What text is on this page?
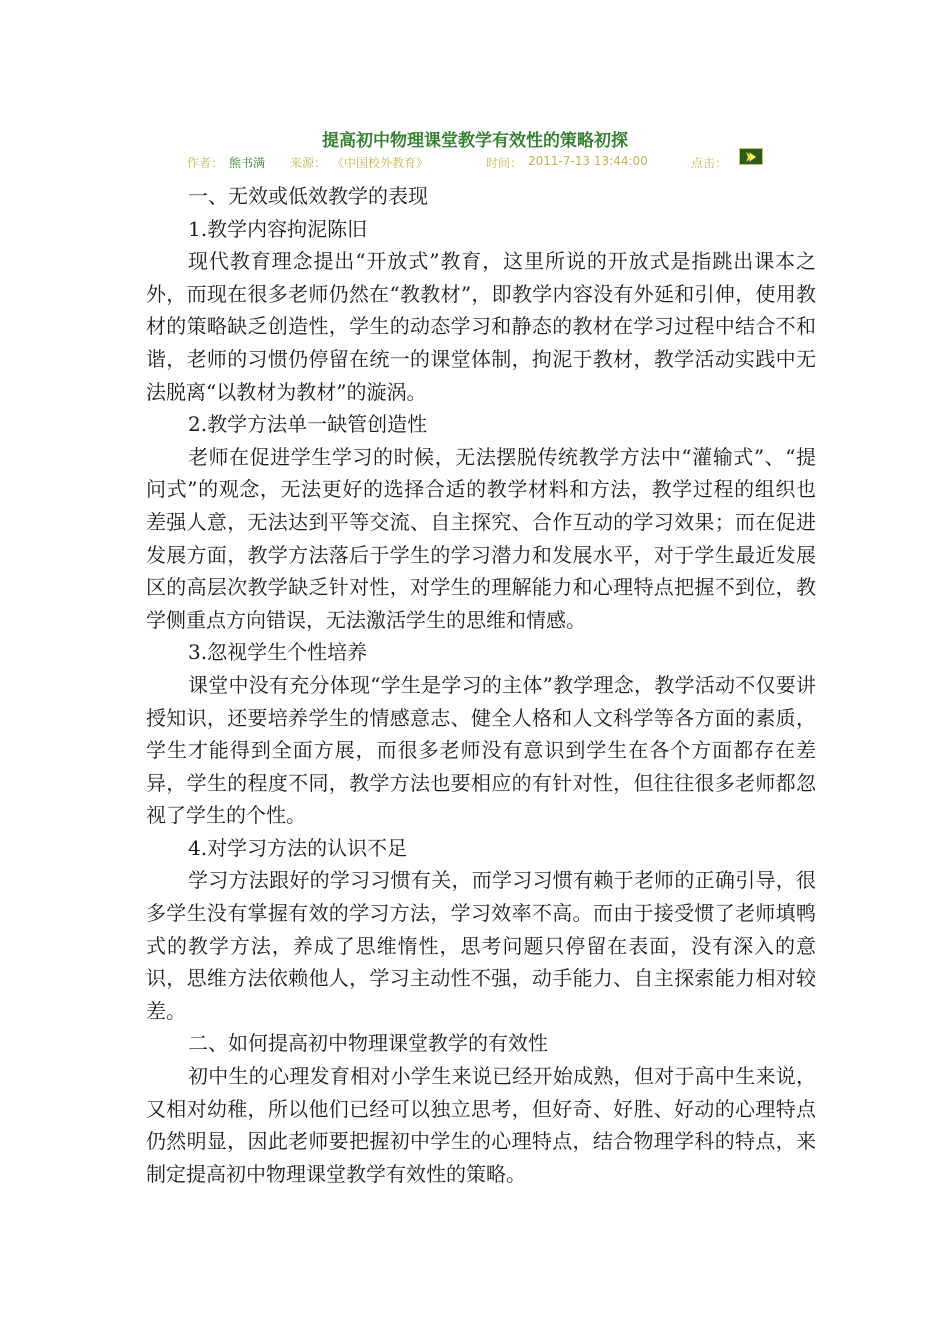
提高初中物理课堂教学有效性的策略初探
作者： 熊书满 来源： 《中国校外教育》	时间： 2011-7-13 13:44:00	点击：

一、无效或低效教学的表现

1.教学内容拘泥陈旧

现代教育理念提出“开放式”教育，这里所说的开放式是指跳出课本之外，而现在很多老师仍然在“教教材”，即教学内容没有外延和引伸，使用教材的策略缺乏创造性，学生的动态学习和静态的教材在学习过程中结合不和谐，老师的习惯仍停留在统一的课堂体制，拘泥于教材，教学活动实践中无法脱离“以教材为教材”的漩涡。

2.教学方法单一缺管创造性

老师在促进学生学习的时候，无法摆脱传统教学方法中“灌输式”、“提问式”的观念，无法更好的选择合适的教学材料和方法，教学过程的组织也差强人意，无法达到平等交流、自主探究、合作互动的学习效果；而在促进发展方面，教学方法落后于学生的学习潜力和发展水平，对于学生最近发展区的高层次教学缺乏针对性，对学生的理解能力和心理特点把握不到位，教学侧重点方向错误，无法激活学生的思维和情感。

3.忽视学生个性培养

课堂中没有充分体现“学生是学习的主体”教学理念，教学活动不仅要讲授知识，还要培养学生的情感意志、健全人格和人文科学等各方面的素质，学生才能得到全面方展，而很多老师没有意识到学生在各个方面都存在差异，学生的程度不同，教学方法也要相应的有针对性，但往往很多老师都忽视了学生的个性。

4.对学习方法的认识不足

学习方法跟好的学习习惯有关，而学习习惯有赖于老师的正确引导，很多学生没有掌握有效的学习方法，学习效率不高。而由于接受惯了老师填鸭式的教学方法，养成了思维惰性，思考问题只停留在表面，没有深入的意识，思维方法依赖他人，学习主动性不强，动手能力、自主探索能力相对较差。

二、如何提高初中物理课堂教学的有效性

初中生的心理发育相对小学生来说已经开始成熟，但对于高中生来说，又相对幼稚，所以他们已经可以独立思考，但好奇、好胜、好动的心理特点仍然明显，因此老师要把握初中学生的心理特点，结合物理学科的特点，来制定提高初中物理课堂教学有效性的策略。
